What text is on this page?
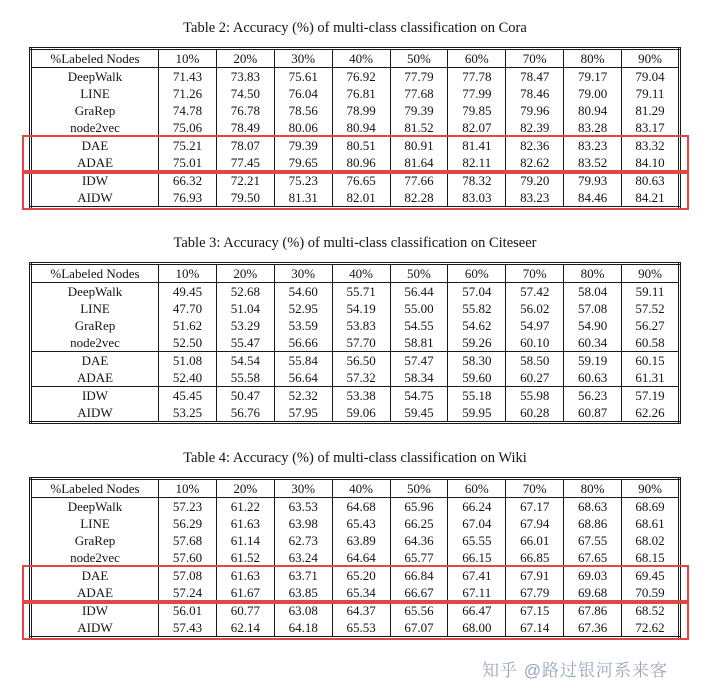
Table 2: Accuracy (%) of multi-class classification on Cora
%Labeled Nodes	10%	20%	30%	40%	50%	60%	70%	80%	90%
DeepWalk	71.43	73.83	75.61	76.92	77.79	77.78	78.47	79.17	79.04
LINE	71.26	74.50	76.04	76.81	77.68	77.99	78.46	79.00	79.11
GraRep	74.78	76.78	78.56	78.99	79.39	79.85	79.96	80.94	81.29
node2vec	75.06	78.49	80.06	80.94	81.52	82.07	82.39	83.28	83.17
DAE	75.21	78.07	79.39	80.51	80.91	81.41	82.36	83.23	83.32
ADAE	75.01	77.45	79.65	80.96	81.64	82.11	82.62	83.52	84.10
IDW	66.32	72.21	75.23	76.65	77.66	78.32	79.20	79.93	80.63
AIDW	76.93	79.50	81.31	82.01	82.28	83.03	83.23	84.46	84.21
Table 3: Accuracy (%) of multi-class classification on Citeseer
%Labeled Nodes	10%	20%	30%	40%	50%	60%	70%	80%	90%
DeepWalk	49.45	52.68	54.60	55.71	56.44	57.04	57.42	58.04	59.11
LINE	47.70	51.04	52.95	54.19	55.00	55.82	56.02	57.08	57.52
GraRep	51.62	53.29	53.59	53.83	54.55	54.62	54.97	54.90	56.27
node2vec	52.50	55.47	56.66	57.70	58.81	59.26	60.10	60.34	60.58
DAE	51.08	54.54	55.84	56.50	57.47	58.30	58.50	59.19	60.15
ADAE	52.40	55.58	56.64	57.32	58.34	59.60	60.27	60.63	61.31
IDW	45.45	50.47	52.32	53.38	54.75	55.18	55.98	56.23	57.19
AIDW	53.25	56.76	57.95	59.06	59.45	59.95	60.28	60.87	62.26
Table 4: Accuracy (%) of multi-class classification on Wiki
%Labeled Nodes	10%	20%	30%	40%	50%	60%	70%	80%	90%
DeepWalk	57.23	61.22	63.53	64.68	65.96	66.24	67.17	68.63	68.69
LINE	56.29	61.63	63.98	65.43	66.25	67.04	67.94	68.86	68.61
GraRep	57.68	61.14	62.73	63.89	64.36	65.55	66.01	67.55	68.02
node2vec	57.60	61.52	63.24	64.64	65.77	66.15	66.85	67.65	68.15
DAE	57.08	61.63	63.71	65.20	66.84	67.41	67.91	69.03	69.45
ADAE	57.24	61.67	63.85	65.34	66.67	67.11	67.79	69.68	70.59
IDW	56.01	60.77	63.08	64.37	65.56	66.47	67.15	67.86	68.52
AIDW	57.43	62.14	64.18	65.53	67.07	68.00	67.14	67.36	72.62
知乎 @路过银河系来客
